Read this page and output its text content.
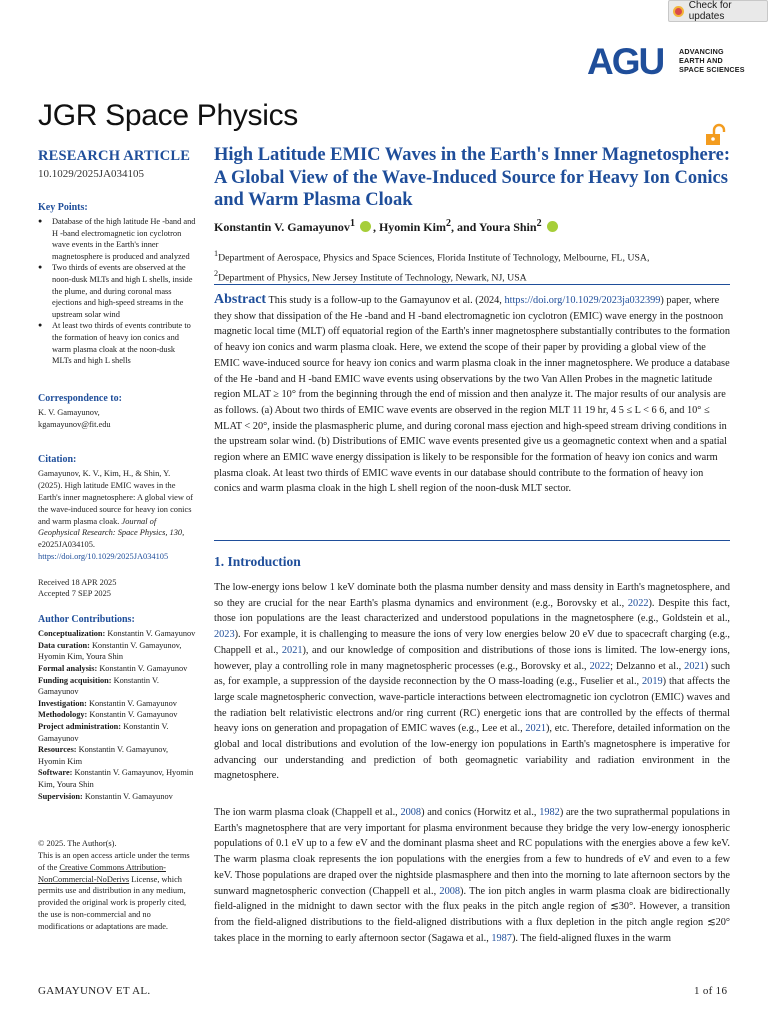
Check for updates
AGU ADVANCING
EARTH AND
SPACE SCIENCES
JGR Space Physics
RESEARCH ARTICLE
10.1029/2025JA034105
Key Points:
● Database of the high latitude He -band and H -band electromagnetic ion cyclotron wave events in the Earth's inner magnetosphere is produced and analyzed
● Two thirds of events are observed at the noon-dusk MLTs and high L shells, inside the plume, and during coronal mass ejections and high-speed streams in the upstream solar wind
● At least two thirds of events contribute to the formation of heavy ion conics and warm plasma cloak at the noon-dusk MLTs and high L shells
Correspondence to:
K. V. Gamayunov,
kgamayunov@fit.edu
Citation:
Gamayunov, K. V., Kim, H., & Shin, Y. (2025). High latitude EMIC waves in the Earth's inner magnetosphere: A global view of the wave-induced source for heavy ion conics and warm plasma cloak. Journal of Geophysical Research: Space Physics, 130, e2025JA034105. https://doi.org/10.1029/2025JA034105
Received 18 APR 2025
Accepted 7 SEP 2025
Author Contributions:

Conceptualization: Konstantin V. Gamayunov

Data curation: Konstantin V. Gamayunov, Hyomin Kim, Youra Shin

Formal analysis: Konstantin V. Gamayunov

Funding acquisition: Konstantin V. Gamayunov

Investigation: Konstantin V. Gamayunov

Methodology: Konstantin V. Gamayunov

Project administration: Konstantin V. Gamayunov

Resources: Konstantin V. Gamayunov, Hyomin Kim

Software: Konstantin V. Gamayunov, Hyomin Kim, Youra Shin

Supervision: Konstantin V. Gamayunov

© 2025. The Author(s).
This is an open access article under the terms of the Creative Commons Attribution-NonCommercial-NoDerivs License, which permits use and distribution in any medium, provided the original work is properly cited, the use is non-commercial and no modifications or adaptations are made.
High Latitude EMIC Waves in the Earth's Inner Magnetosphere: A Global View of the Wave-Induced Source for Heavy Ion Conics and Warm Plasma Cloak
Konstantin V. Gamayunov$^1$ , Hyomin Kim$^2$, and Youra Shin$^2$
$^1$Department of Aerospace, Physics and Space Sciences, Florida Institute of Technology, Melbourne, FL, USA,
$^2$Department of Physics, New Jersey Institute of Technology, Newark, NJ, USA
Abstract This study is a follow-up to the Gamayunov et al. (2024, https://doi.org/10.1029/2023ja032399) paper, where they show that dissipation of the He -band and H -band electromagnetic ion cyclotron (EMIC) wave energy in the postnoon magnetic local time (MLT) off equatorial region of the Earth's inner magnetosphere substantially contributes to the formation of heavy ion conics and warm plasma cloak. Here, we extend the scope of their paper by providing a global view of the EMIC wave-induced source for heavy ion conics and warm plasma cloak in the inner magnetosphere. We produce a database of the He -band and H -band EMIC wave events using observations by the two Van Allen Probes in the magnetic latitude region MLAT ≥ 10° from the beginning through the end of mission and then analyze it. The major results of our analysis are as follows. (a) About two thirds of EMIC wave events are observed in the region MLT 11 19 hr, 4 5 ≤ L < 6 6, and 10° ≤ MLAT < 20°, inside the plasmaspheric plume, and during coronal mass ejection and high-speed stream driving conditions in the upstream solar wind. (b) Distributions of EMIC wave events presented give us a geomagnetic context when and a spatial region where an EMIC wave energy dissipation is likely to be responsible for the formation of heavy ion conics and warm plasma cloak. At least two thirds of EMIC wave events in our database should contribute to the formation of heavy ion conics and warm plasma cloak in the high L shell region of the noon-dusk MLT sector.
1. Introduction
The low-energy ions below 1 keV dominate both the plasma number density and mass density in Earth's magnetosphere, and so they are crucial for the near Earth's plasma dynamics and environment (e.g., Borovsky et al., 2022). Despite this fact, those ion populations are the least characterized and understood populations in the magnetosphere (e.g., Goldstein et al., 2023). For example, it is challenging to measure the ions of very low energies below 20 eV due to spacecraft charging (e.g., Chappell et al., 2021), and our knowledge of composition and distributions of those ions is limited. The low-energy ions, however, play a controlling role in many magnetospheric processes (e.g., Borovsky et al., 2022; Delzanno et al., 2021) such as, for example, a suppression of the dayside reconnection by the O mass-loading (e.g., Fuselier et al., 2019) that affects the large scale magnetospheric convection, wave-particle interactions between electromagnetic ion cyclotron (EMIC) waves and the radiation belt relativistic electrons and/or ring current (RC) energetic ions that are controlled by the effects of thermal heavy ions on generation and propagation of EMIC waves (e.g., Lee et al., 2021), etc. Therefore, detailed information on the global and local distributions and evolution of the low-energy ion populations in Earth's magnetosphere is imperative for advancing our understanding and prediction of both geomagnetic variability and radiation environment in the magnetosphere.
The ion warm plasma cloak (Chappell et al., 2008) and conics (Horwitz et al., 1982) are the two suprathermal populations in Earth's magnetosphere that are very important for plasma environment because they bridge the very low-energy ionospheric populations of 0.1 eV up to a few eV and the dominant plasma sheet and RC populations with the energies above a few keV. The warm plasma cloak represents the ion populations with the energies from a few to hundreds of eV and even to a few keV. Those populations are draped over the nightside plasmasphere and then into the morning to late afternoon sectors by the sunward magnetospheric convection (Chappell et al., 2008). The ion pitch angles in warm plasma cloak are bidirectionally field-aligned in the midnight to dawn sector with the flux peaks in the pitch angle region of ≲30°. However, a transition from the field-aligned distributions to the field-aligned distributions with a flux depletion in the pitch angle region ≲20° takes place in the morning to early afternoon sector (Sagawa et al., 1987). The field-aligned fluxes in the warm
GAMAYUNOV ET AL.	1 of 16
